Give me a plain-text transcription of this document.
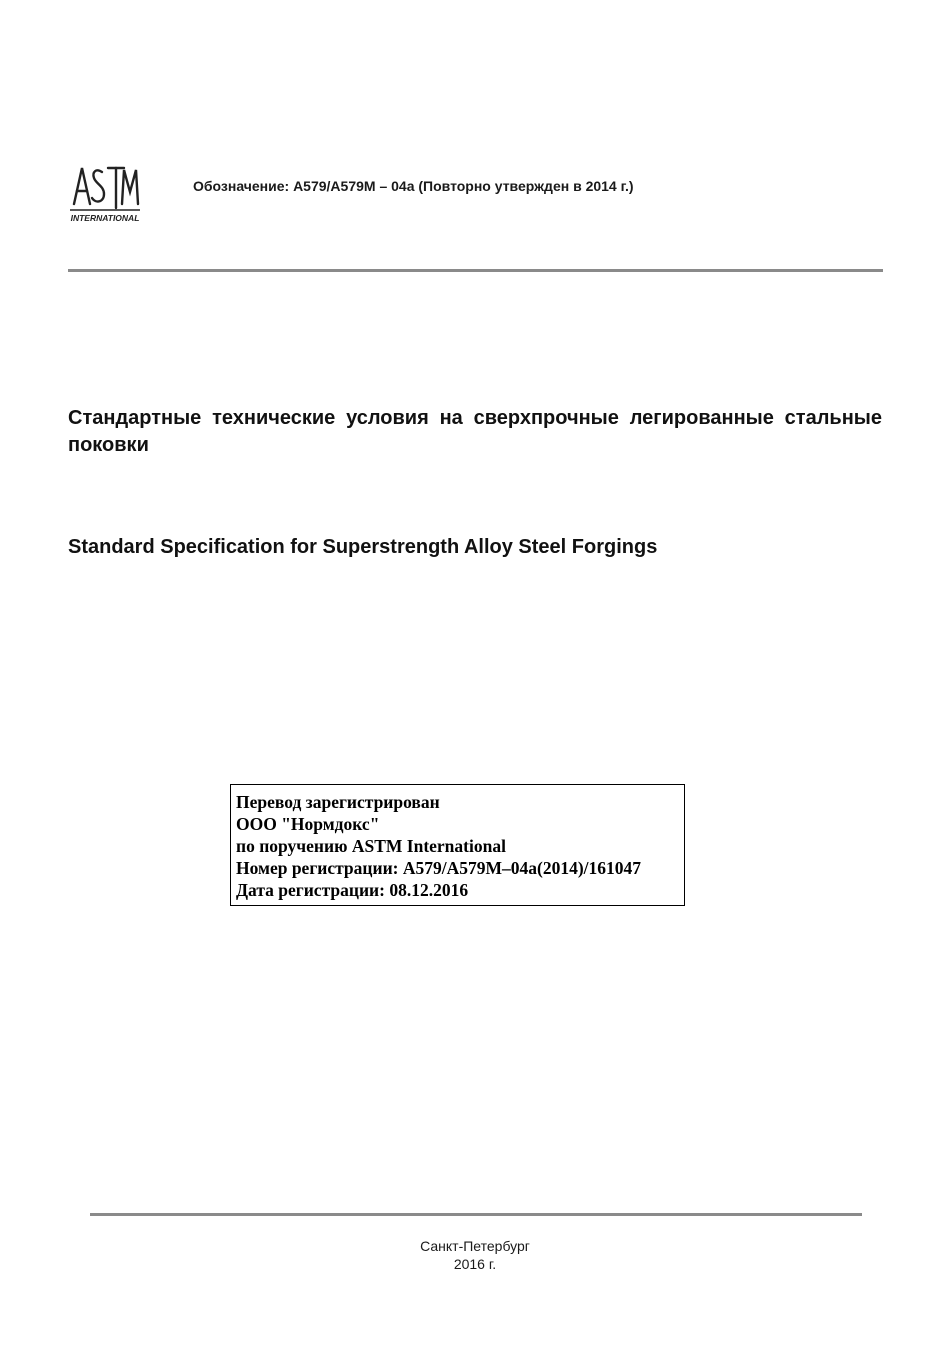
INTERNATIONAL
Обозначение: A579/A579M – 04a (Повторно утвержден в 2014 г.)
Стандартные технические условия на сверхпрочные легированные стальные поковки
Standard Specification for Superstrength Alloy Steel Forgings
Перевод зарегистрирован
ООО "Нормдокс"
по поручению ASTM International
Номер регистрации: A579/A579M–04a(2014)/161047
Дата регистрации: 08.12.2016
Санкт-Петербург
2016 г.
